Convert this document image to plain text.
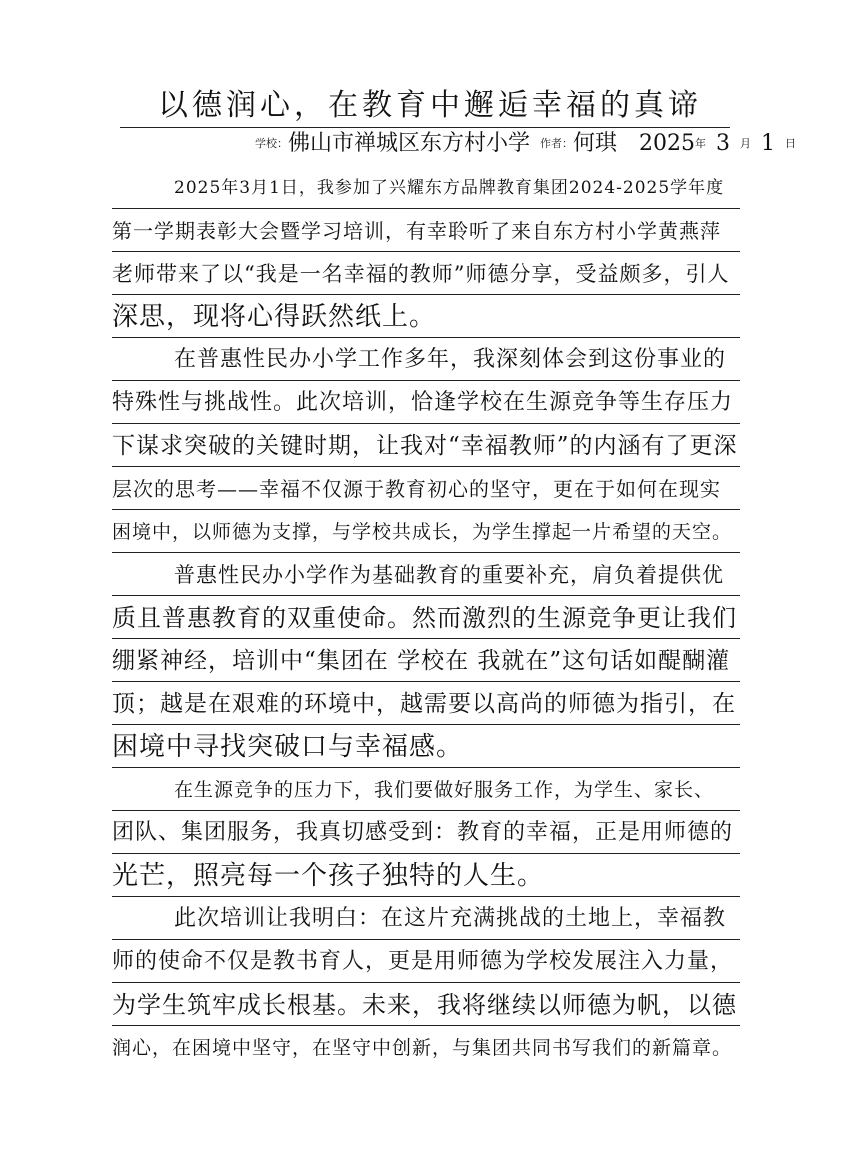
以德润心，在教育中邂逅幸福的真谛
学校：佛山市禅城区东方村小学 作者：何琪 2025年 3 月 1 日
2025年3月1日，我参加了兴耀东方品牌教育集团2024-2025学年度
第一学期表彰大会暨学习培训，有幸聆听了来自东方村小学黄燕萍
老师带来了以“我是一名幸福的教师”师德分享，受益颇多，引人
深思，现将心得跃然纸上。
在普惠性民办小学工作多年，我深刻体会到这份事业的
特殊性与挑战性。此次培训，恰逢学校在生源竞争等生存压力
下谋求突破的关键时期，让我对“幸福教师”的内涵有了更深
层次的思考——幸福不仅源于教育初心的坚守，更在于如何在现实
困境中，以师德为支撑，与学校共成长，为学生撑起一片希望的天空。
普惠性民办小学作为基础教育的重要补充，肩负着提供优
质且普惠教育的双重使命。然而激烈的生源竞争更让我们
绷紧神经，培训中“集团在 学校在 我就在”这句话如醍醐灌
顶；越是在艰难的环境中，越需要以高尚的师德为指引，在
困境中寻找突破口与幸福感。
在生源竞争的压力下，我们要做好服务工作，为学生、家长、
团队、集团服务，我真切感受到：教育的幸福，正是用师德的
光芒，照亮每一个孩子独特的人生。
此次培训让我明白：在这片充满挑战的土地上，幸福教
师的使命不仅是教书育人，更是用师德为学校发展注入力量，
为学生筑牢成长根基。未来，我将继续以师德为帆，以德
润心，在困境中坚守，在坚守中创新，与集团共同书写我们的新篇章。
